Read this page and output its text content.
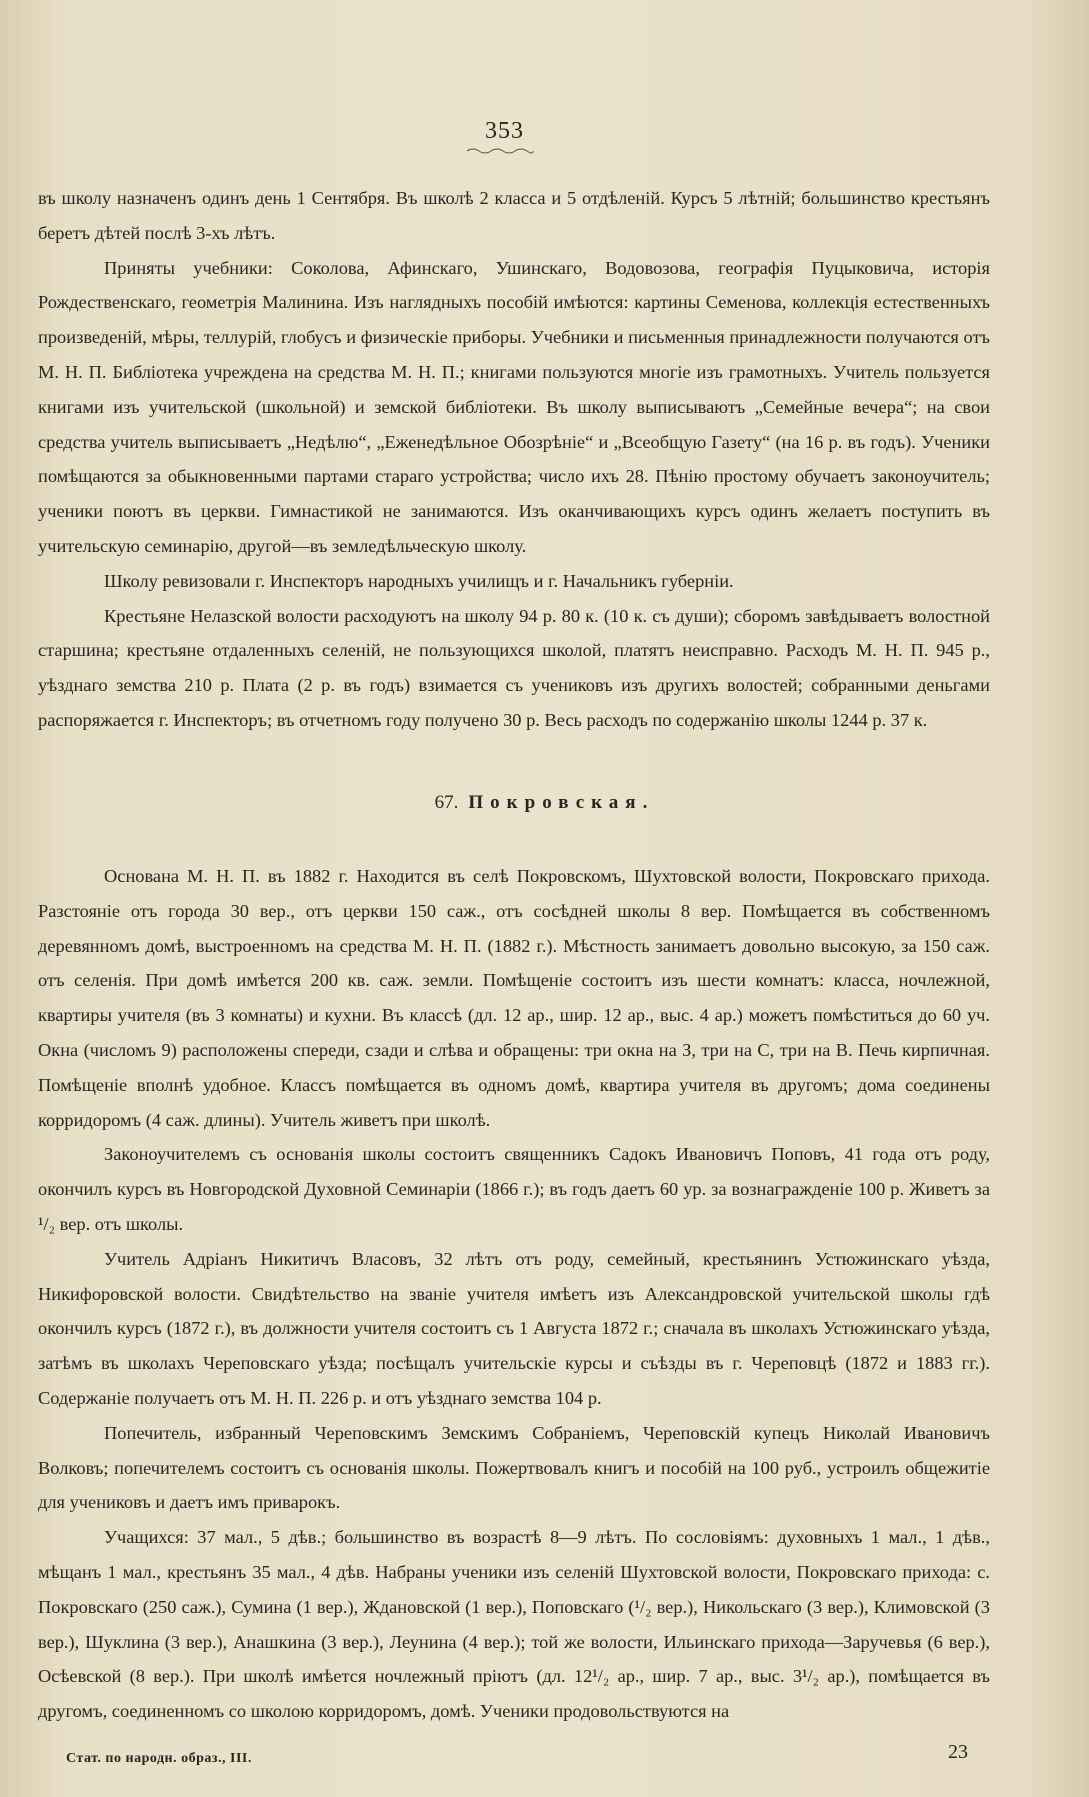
353

въ школу назначенъ одинъ день 1 Сентября. Въ школѣ 2 класса и 5 отдѣленій. Курсъ 5 лѣтній; большинство крестьянъ беретъ дѣтей послѣ 3-хъ лѣтъ.

Приняты учебники: Соколова, Афинскаго, Ушинскаго, Водовозова, географія Пуцыковича, исторія Рождественскаго, геометрія Малинина. Изъ наглядныхъ пособій имѣются: картины Семенова, коллекція естественныхъ произведеній, мѣры, теллурій, глобусъ и физическіе приборы. Учебники и письменныя принадлежности получаются отъ М. Н. П. Библіотека учреждена на средства М. Н. П.; книгами пользуются многіе изъ грамотныхъ. Учитель пользуется книгами изъ учительской (школьной) и земской библіотеки. Въ школу выписываютъ „Семейные вечера“; на свои средства учитель выписываетъ „Недѣлю“, „Еженедѣльное Обозрѣніе“ и „Всеобщую Газету“ (на 16 р. въ годъ). Ученики помѣщаются за обыкновенными партами стараго устройства; число ихъ 28. Пѣнію простому обучаетъ законоучитель; ученики поютъ въ церкви. Гимнастикой не занимаются. Изъ оканчивающихъ курсъ одинъ желаетъ поступить въ учительскую семинарію, другой—въ земледѣльческую школу.

Школу ревизовали г. Инспекторъ народныхъ училищъ и г. Начальникъ губерніи.

Крестьяне Нелазской волости расходуютъ на школу 94 р. 80 к. (10 к. съ души); сборомъ завѣдываетъ волостной старшина; крестьяне отдаленныхъ селеній, не пользующихся школой, платятъ неисправно. Расходъ М. Н. П. 945 р., уѣзднаго земства 210 р. Плата (2 р. въ годъ) взимается съ учениковъ изъ другихъ волостей; собранными деньгами распоряжается г. Инспекторъ; въ отчетномъ году получено 30 р. Весь расходъ по содержанію школы 1244 р. 37 к.

67. Покровская.

Основана М. Н. П. въ 1882 г. Находится въ селѣ Покровскомъ, Шухтовской волости, Покровскаго прихода. Разстояніе отъ города 30 вер., отъ церкви 150 саж., отъ сосѣдней школы 8 вер. Помѣщается въ собственномъ деревянномъ домѣ, выстроенномъ на средства М. Н. П. (1882 г.). Мѣстность занимаетъ довольно высокую, за 150 саж. отъ селенія. При домѣ имѣется 200 кв. саж. земли. Помѣщеніе состоитъ изъ шести комнатъ: класса, ночлежной, квартиры учителя (въ 3 комнаты) и кухни. Въ классѣ (дл. 12 ар., шир. 12 ар., выс. 4 ар.) можетъ помѣститься до 60 уч. Окна (числомъ 9) расположены спереди, сзади и слѣва и обращены: три окна на З, три на С, три на В. Печь кирпичная. Помѣщеніе вполнѣ удобное. Классъ помѣщается въ одномъ домѣ, квартира учителя въ другомъ; дома соединены корридоромъ (4 саж. длины). Учитель живетъ при школѣ.

Законоучителемъ съ основанія школы состоитъ священникъ Садокъ Ивановичъ Поповъ, 41 года отъ роду, окончилъ курсъ въ Новгородской Духовной Семинаріи (1866 г.); въ годъ даетъ 60 ур. за вознагражденіе 100 р. Живетъ за ¹/₂ вер. отъ школы.

Учитель Адріанъ Никитичъ Власовъ, 32 лѣтъ отъ роду, семейный, крестьянинъ Устюжинскаго уѣзда, Никифоровской волости. Свидѣтельство на званіе учителя имѣетъ изъ Александровской учительской школы гдѣ окончилъ курсъ (1872 г.), въ должности учителя состоитъ съ 1 Августа 1872 г.; сначала въ школахъ Устюжинскаго уѣзда, затѣмъ въ школахъ Череповскаго уѣзда; посѣщалъ учительскіе курсы и съѣзды въ г. Череповцѣ (1872 и 1883 гг.). Содержаніе получаетъ отъ М. Н. П. 226 р. и отъ уѣзднаго земства 104 р.

Попечитель, избранный Череповскимъ Земскимъ Собраніемъ, Череповскій купецъ Николай Ивановичъ Волковъ; попечителемъ состоитъ съ основанія школы. Пожертвовалъ книгъ и пособій на 100 руб., устроилъ общежитіе для учениковъ и даетъ имъ приварокъ.

Учащихся: 37 мал., 5 дѣв.; большинство въ возрастѣ 8—9 лѣтъ. По сословіямъ: духовныхъ 1 мал., 1 дѣв., мѣщанъ 1 мал., крестьянъ 35 мал., 4 дѣв. Набраны ученики изъ селеній Шухтовской волости, Покровскаго прихода: с. Покровскаго (250 саж.), Сумина (1 вер.), Ждановской (1 вер.), Поповскаго (¹/₂ вер.), Никольскаго (3 вер.), Климовской (3 вер.), Шуклина (3 вер.), Анашкина (3 вер.), Леунина (4 вер.); той же волости, Ильинскаго прихода—Заручевья (6 вер.), Осѣевской (8 вер.). При школѣ имѣется ночлежный пріютъ (дл. 12¹/₂ ар., шир. 7 ар., выс. 3¹/₂ ар.), помѣщается въ другомъ, соединенномъ со школою корридоромъ, домѣ. Ученики продовольствуются на

Стат. по народн. образ., III.	23
